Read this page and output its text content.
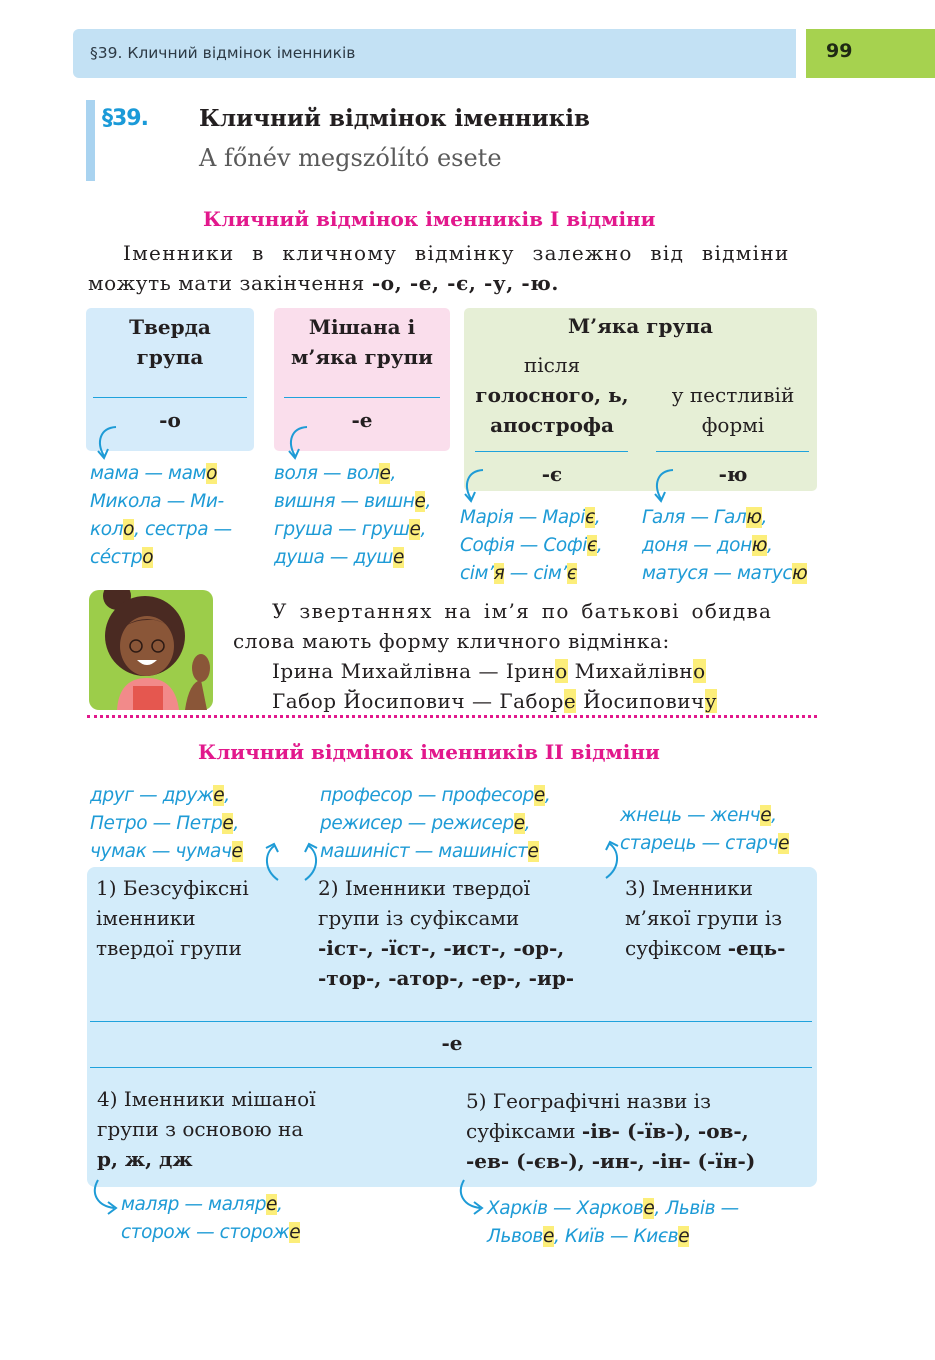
§39. Кличний відмінок іменників	99
§39. Кличний відмінок іменників
A főnév megszólító esete
Кличний відмінок іменників І відміни
Іменники в кличному відмінку залежно від відміни
можуть мати закінчення -о, -е, -є, -у, -ю.
Тверда
група
-о
Мішана і
м’яка групи
-е
М’яка група
після
голосного, ь,
апострофа
у пестливій
формі
-є	-ю
мама — мамо
Микола — Ми-
коло, сестра —
се́стро
воля — воле,
вишня — вишне,
груша — груше,
душа — душе
Марія — Маріє,
Софія — Софіє,
сім’я — сім’є
Галя — Галю,
доня — доню,
матуся — матусю
У звертаннях на ім’я по батькові обидва
слова мають форму кличного відмінка:
Ірина Михайлівна — Ірино Михайлівно
Габор Йосипович — Габоре Йосиповичу
Кличний відмінок іменників ІІ відміни
друг — друже,
Петро — Петре,
чумак — чумаче
професор — професоре,
режисер — режисере,
машиніст — машиністе
жнець — женче,
старець — старче
1) Безсуфіксні
іменники
твердої групи
2) Іменники твердої
групи із суфіксами
-іст-, -їст-, -ист-, -ор-,
-тор-, -атор-, -ер-, -ир-
3) Іменники
м’якої групи із
суфіксом -ець-
-е
4) Іменники мішаної
групи з основою на
р, ж, дж
5) Географічні назви із
суфіксами -ів- (-їв-), -ов-,
-ев- (-єв-), -ин-, -ін- (-їн-)
маляр — маляре,
сторож — стороже
Харків — Харкове, Львів —
Львове, Київ — Києве
